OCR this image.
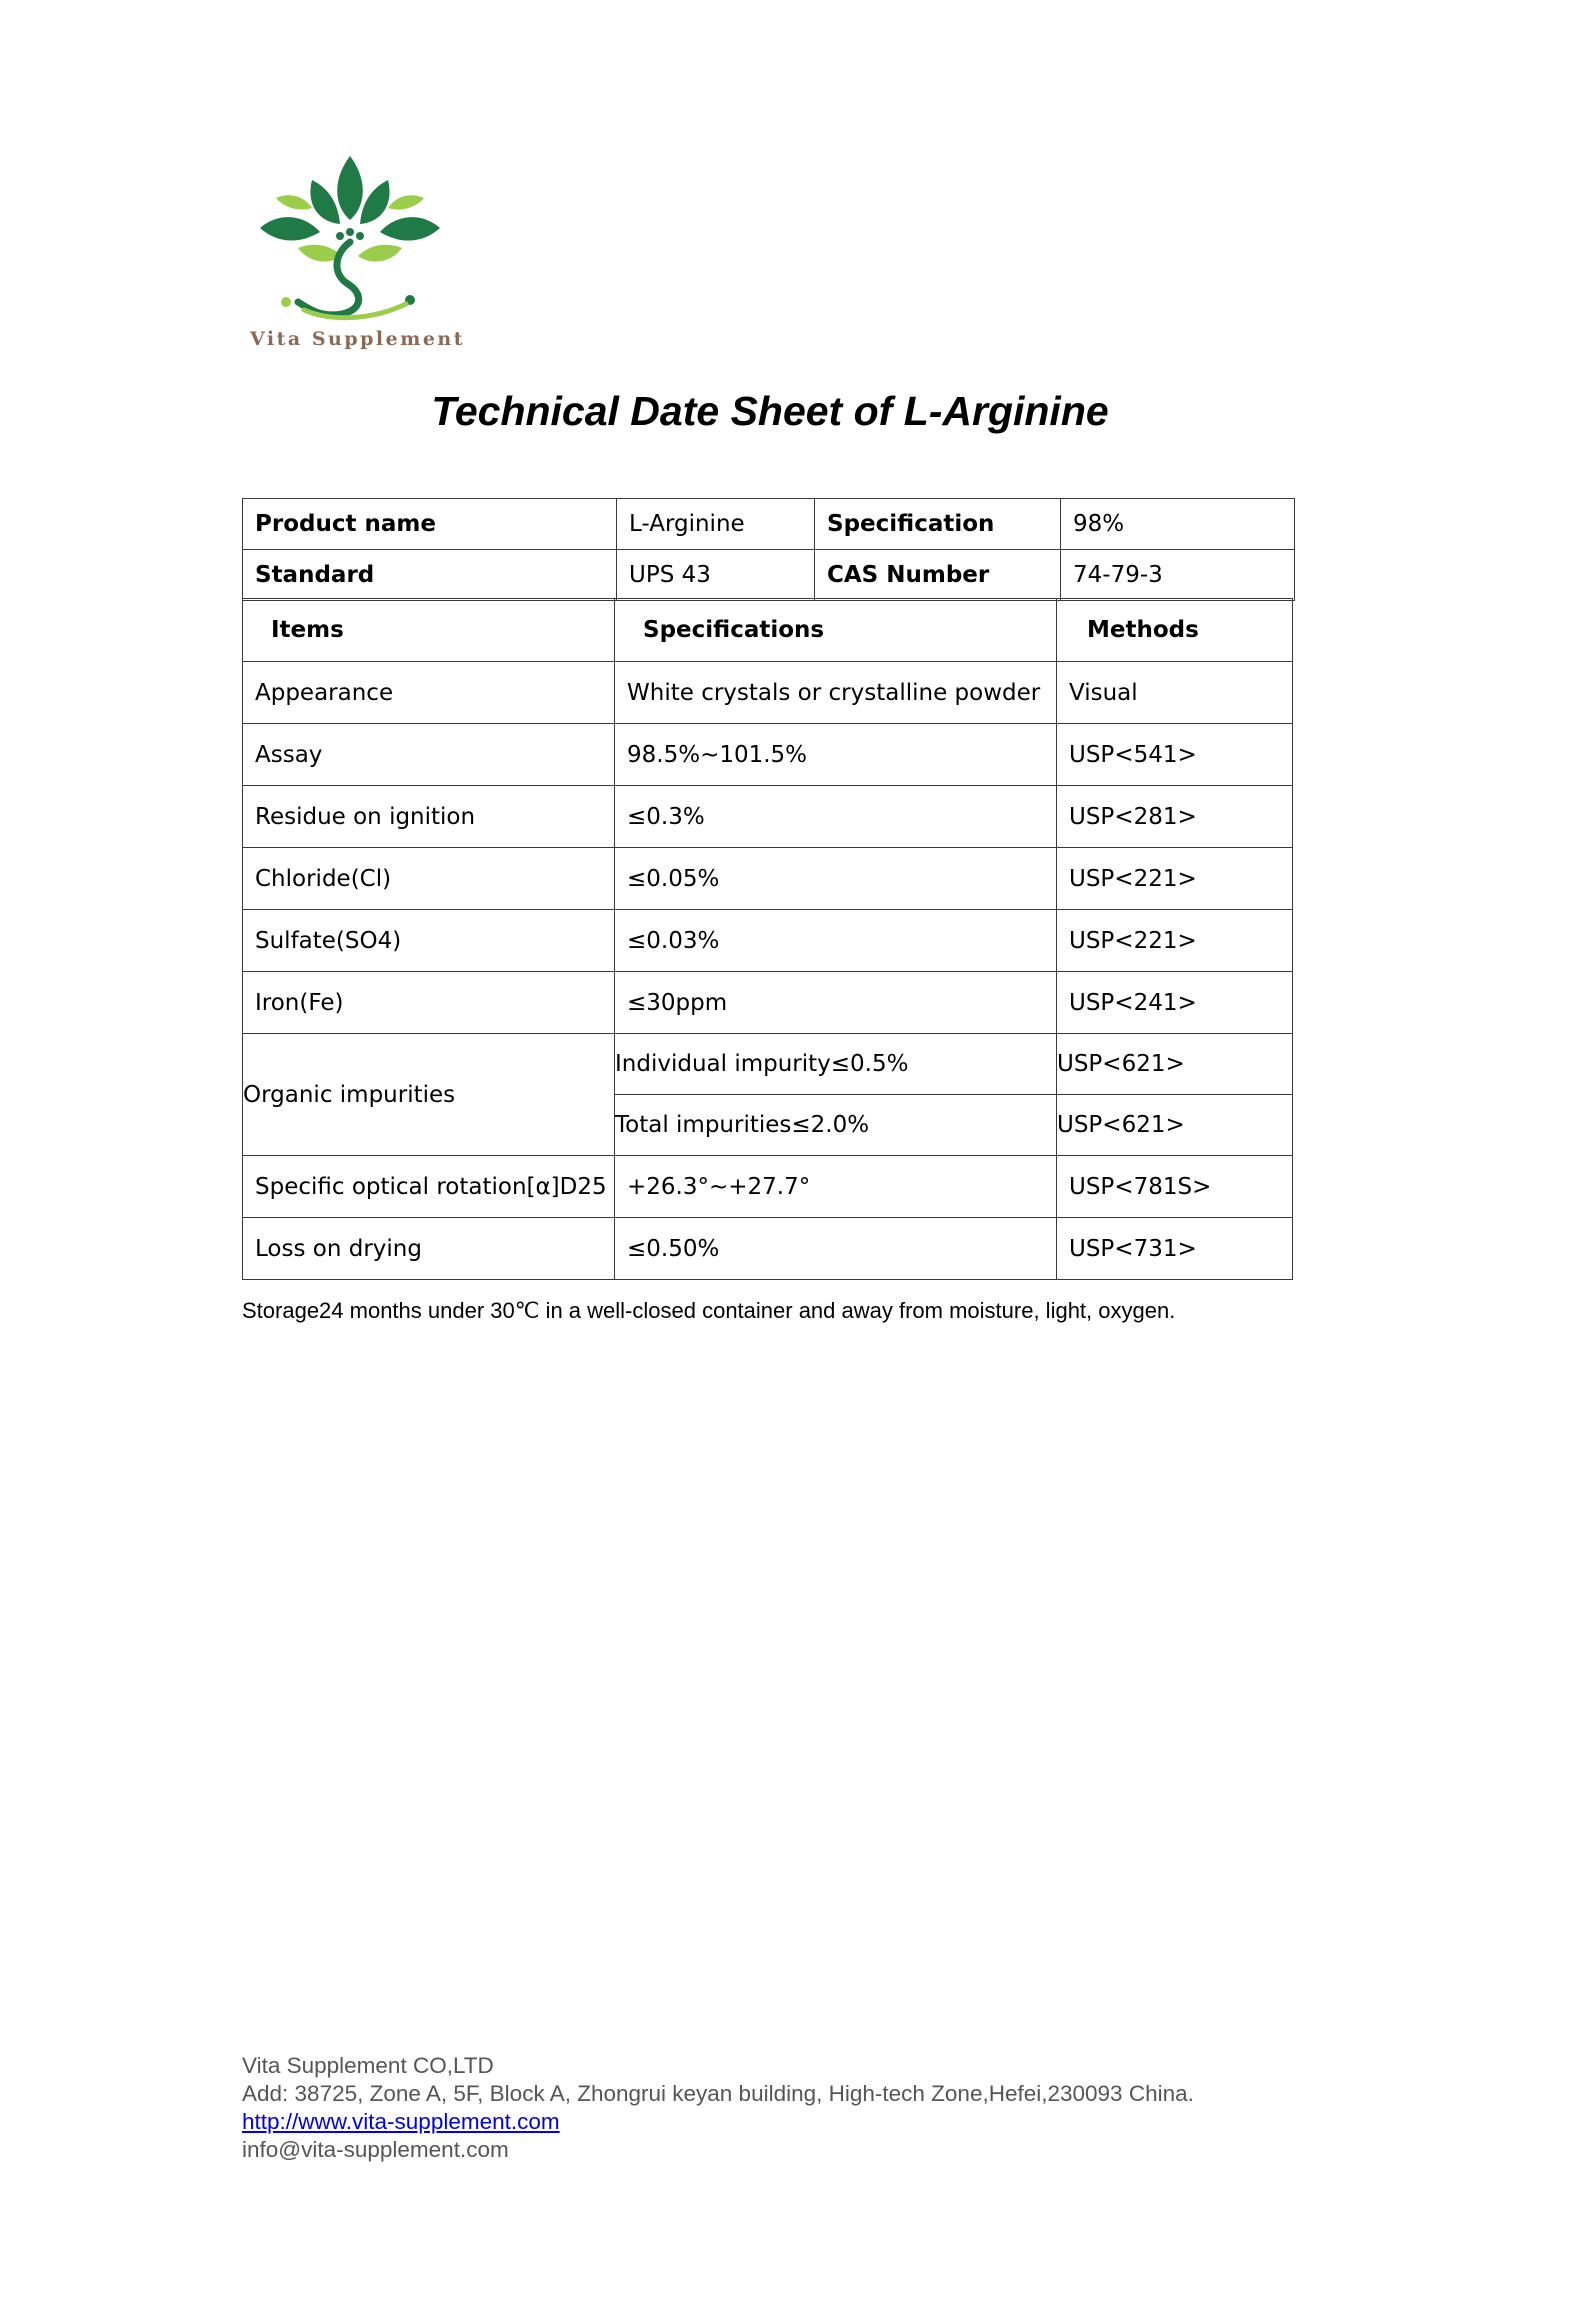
Vita Supplement
Technical Date Sheet of L-Arginine
Product name	L-Arginine	Specification	98%
Standard	UPS 43	CAS Number	74-79-3
Items	Specifications	Methods
Appearance	White crystals or crystalline powder	Visual
Assay	98.5%~101.5%	USP<541>
Residue on ignition	≤0.3%	USP<281>
Chloride(Cl)	≤0.05%	USP<221>
Sulfate(SO4)	≤0.03%	USP<221>
Iron(Fe)	≤30ppm	USP<241>
Organic impurities	Individual impurity≤0.5%	USP<621>
	Total impurities≤2.0%	USP<621>
Specific optical rotation[α]D25	+26.3°~+27.7°	USP<781S>
Loss on drying	≤0.50%	USP<731>
Storage24 months under 30℃ in a well-closed container and away from moisture, light, oxygen.
Vita Supplement CO,LTD
Add: 38725, Zone A, 5F, Block A, Zhongrui keyan building, High-tech Zone,Hefei,230093 China.
http://www.vita-supplement.com
info@vita-supplement.com
